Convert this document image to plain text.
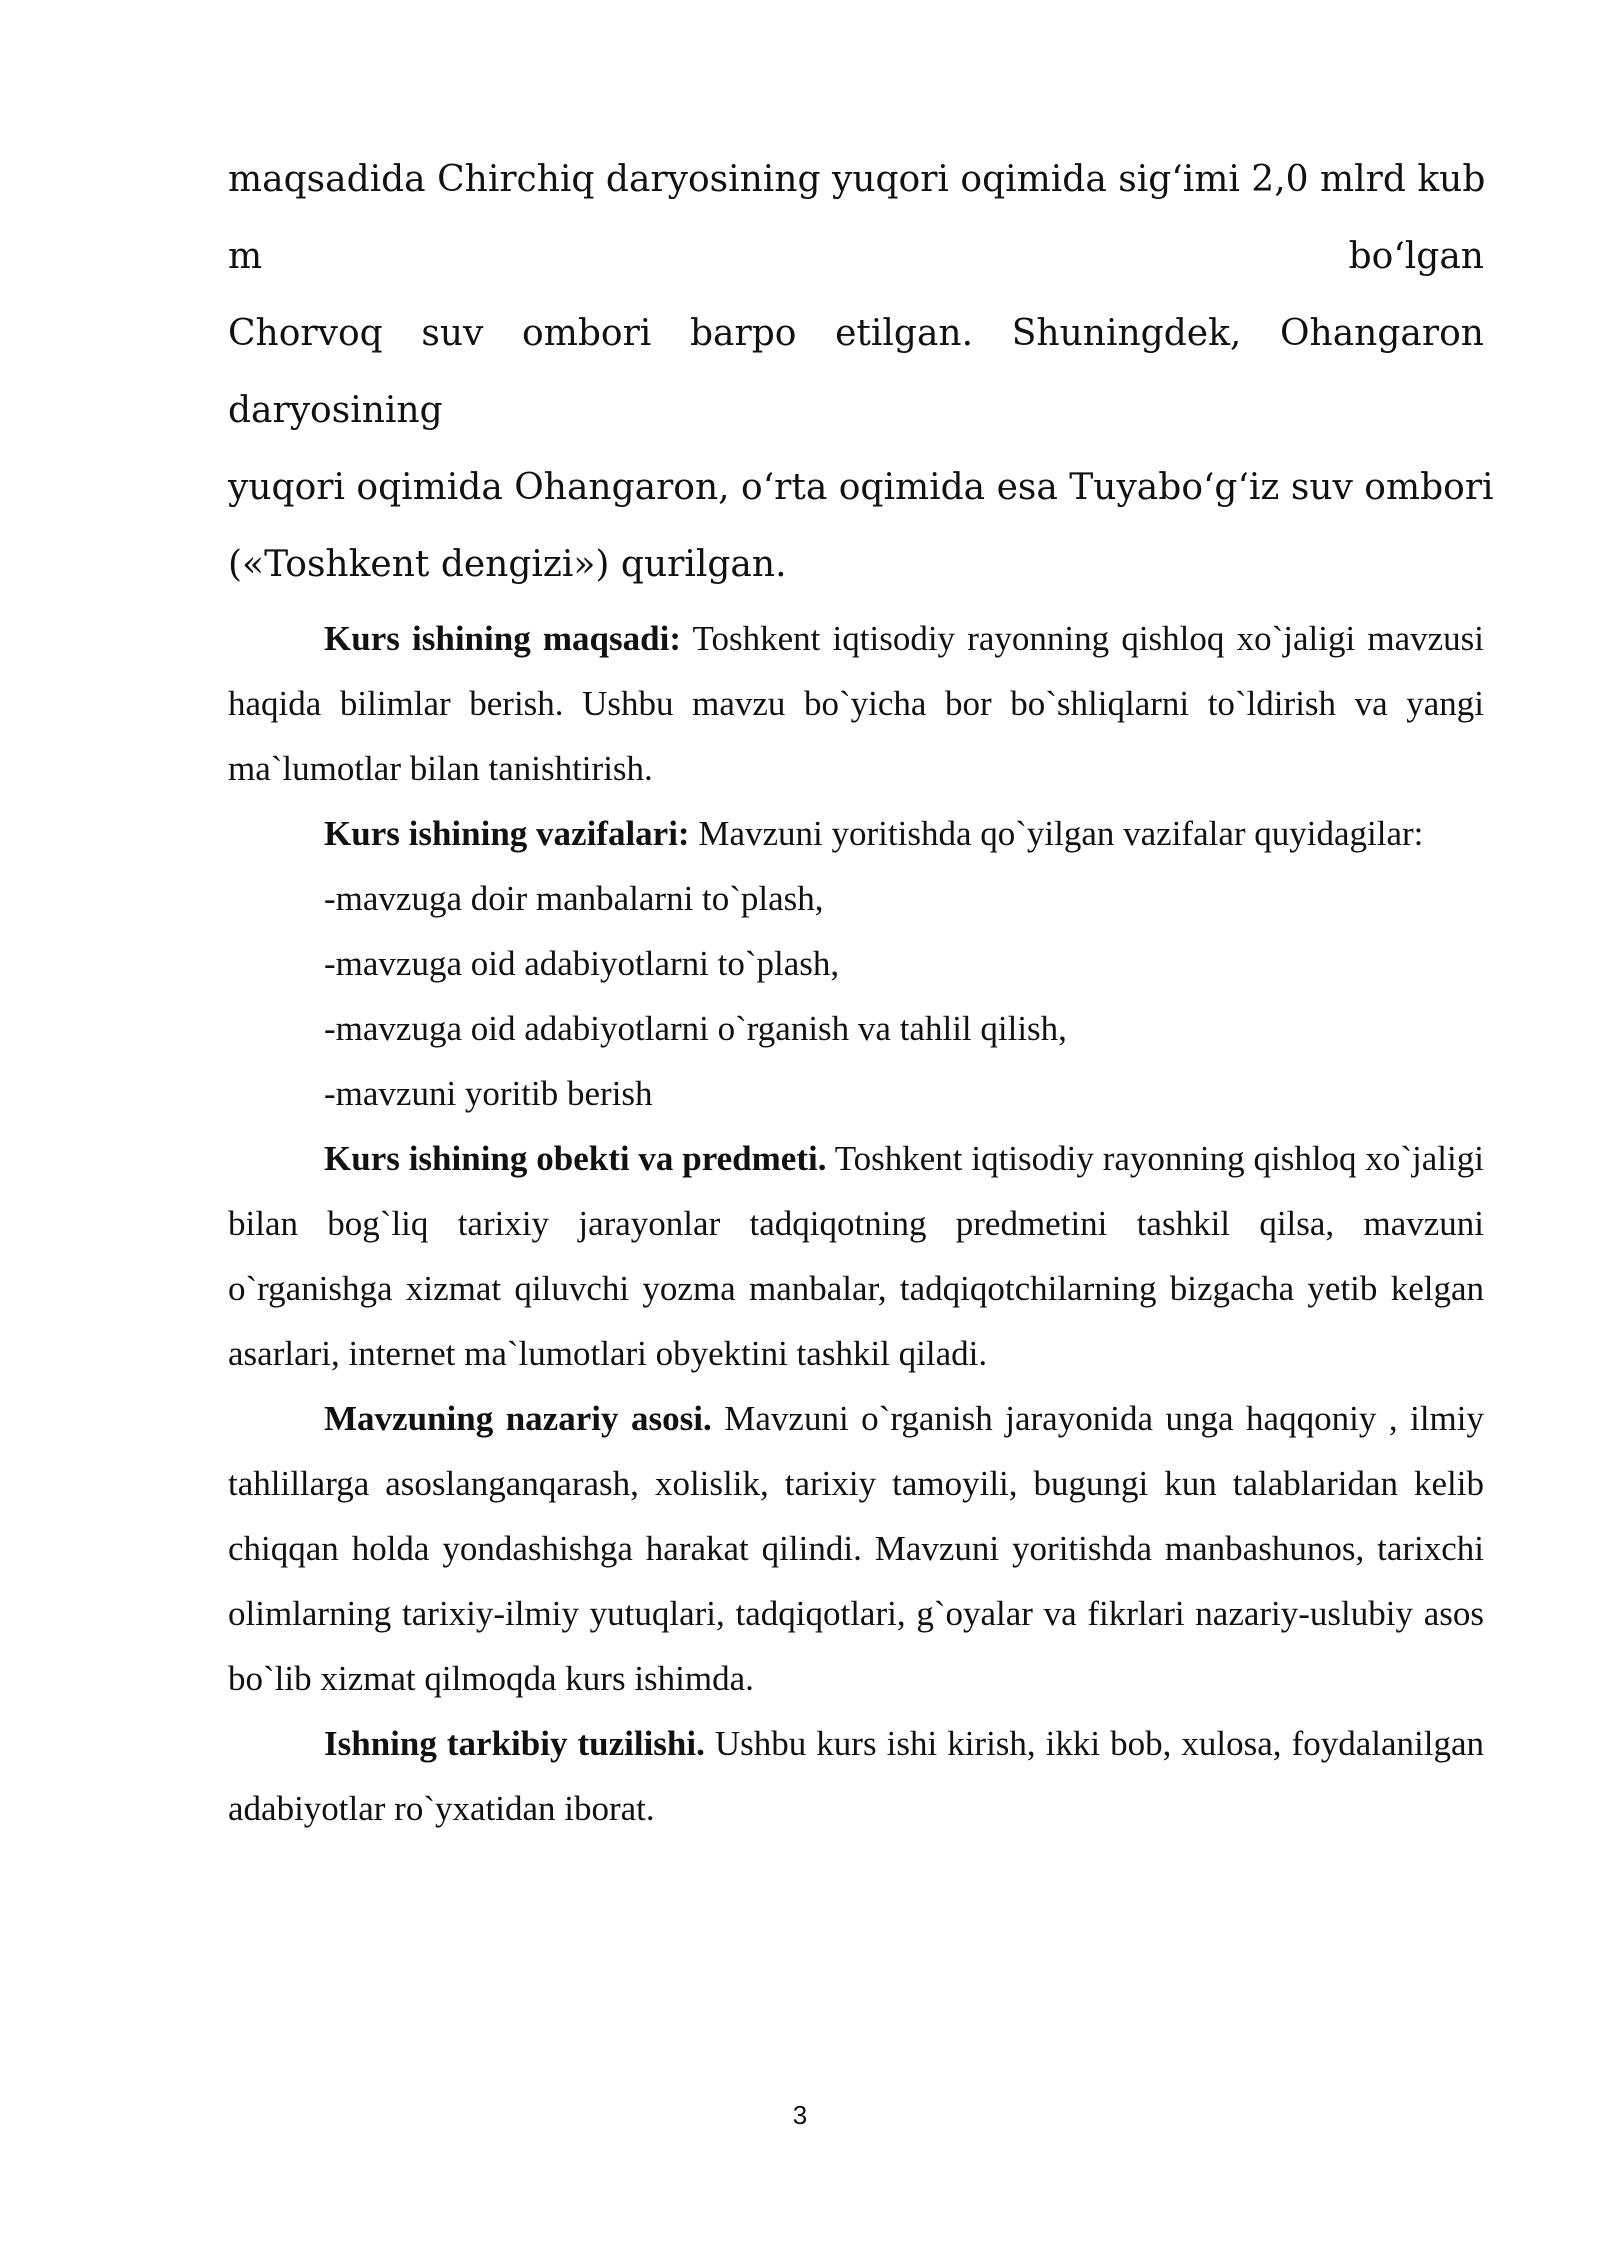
maqsadida Chirchiq daryosining yuqori oqimida sig‘imi 2,0 mlrd kub
m	bo‘lgan
Chorvoq suv ombori barpo etilgan. Shuningdek, Ohangaron
daryosining
yuqori oqimida Ohangaron, o‘rta oqimida esa Tuyabo‘g‘iz suv ombori
(«Toshkent dengizi») qurilgan.

Kurs ishining maqsadi: Toshkent iqtisodiy rayonning qishloq xo`jaligi mavzusi haqida bilimlar berish. Ushbu mavzu bo`yicha bor bo`shliqlarni to`ldirish va yangi ma`lumotlar bilan tanishtirish.

Kurs ishining vazifalari: Mavzuni yoritishda qo`yilgan vazifalar quyidagilar:

-mavzuga doir manbalarni to`plash,

-mavzuga oid adabiyotlarni to`plash,

-mavzuga oid adabiyotlarni o`rganish va tahlil qilish,

-mavzuni yoritib berish

Kurs ishining obekti va predmeti. Toshkent iqtisodiy rayonning qishloq xo`jaligi bilan bog`liq tarixiy jarayonlar tadqiqotning predmetini tashkil qilsa, mavzuni o`rganishga xizmat qiluvchi yozma manbalar, tadqiqotchilarning bizgacha yetib kelgan asarlari, internet ma`lumotlari obyektini tashkil qiladi.

Mavzuning nazariy asosi. Mavzuni o`rganish jarayonida unga haqqoniy , ilmiy tahlillarga asoslanganqarash, xolislik, tarixiy tamoyili, bugungi kun talablaridan kelib chiqqan holda yondashishga harakat qilindi. Mavzuni yoritishda manbashunos, tarixchi olimlarning tarixiy-ilmiy yutuqlari, tadqiqotlari, g`oyalar va fikrlari nazariy-uslubiy asos bo`lib xizmat qilmoqda kurs ishimda.

Ishning tarkibiy tuzilishi. Ushbu kurs ishi kirish, ikki bob, xulosa, foydalanilgan adabiyotlar ro`yxatidan iborat.

3
